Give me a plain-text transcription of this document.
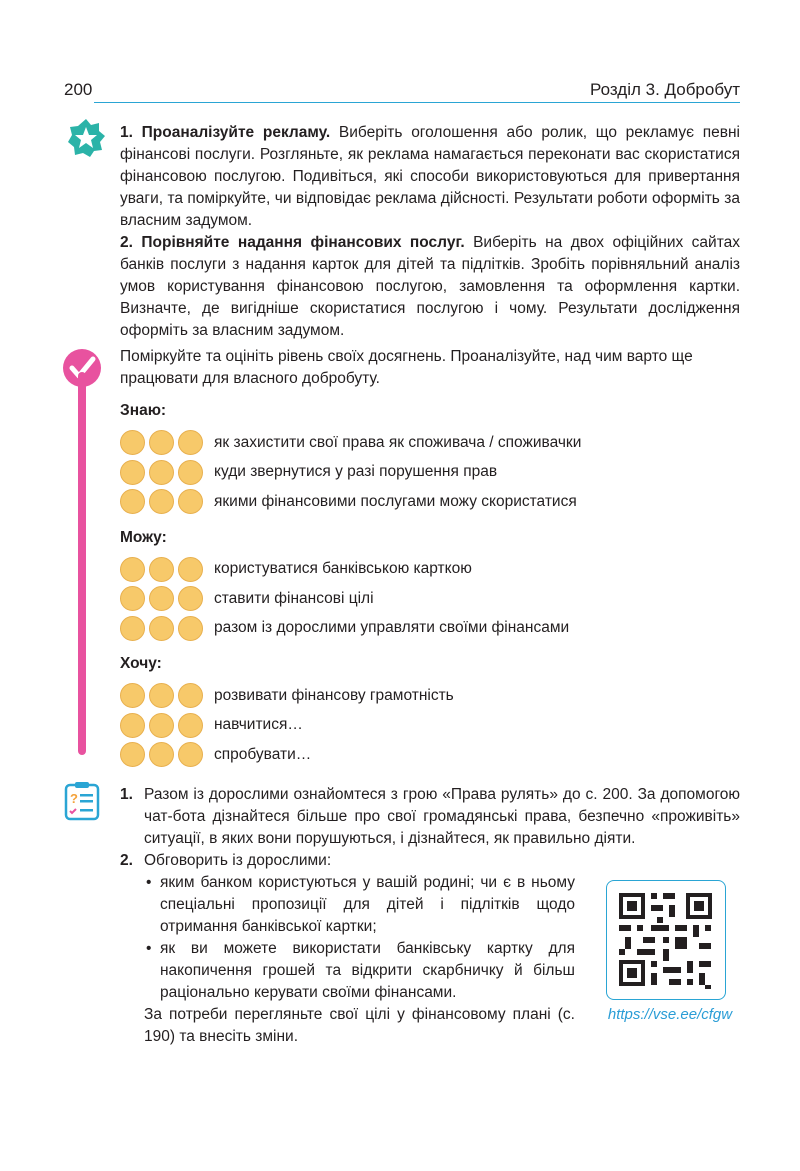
200	Розділ 3. Добробут

1. Проаналізуйте рекламу. Виберіть оголошення або ролик, що рекламує певні фінансові послуги. Розгляньте, як реклама намагається переконати вас скористатися фінансовою послугою. Подивіться, які способи використовуються для привертання уваги, та поміркуйте, чи відповідає реклама дійсності. Результати роботи оформіть за власним задумом.

2. Порівняйте надання фінансових послуг. Виберіть на двох офіційних сайтах банків послуги з надання карток для дітей та підлітків. Зробіть порівняльний аналіз умов користування фінансовою послугою, замовлення та оформлення картки. Визначте, де вигідніше скористатися послугою і чому. Результати дослідження оформіть за власним задумом.

Поміркуйте та оцініть рівень своїх досягнень. Проаналізуйте, над чим варто ще працювати для власного добробуту.

Знаю:
як захистити свої права як споживача / споживачки
куди звернутися у разі порушення прав
якими фінансовими послугами можу скористатися
Можу:
користуватися банківською карткою
ставити фінансові цілі
разом із дорослими управляти своїми фінансами
Хочу:
розвивати фінансову грамотність
навчитися…
спробувати…
?	1. Разом із дорослими ознайомтеся з грою «Права рулять» до с. 200. За допомогою чат-бота дізнайтеся більше про свої громадянські права, безпечно «проживіть» ситуації, в яких вони порушуються, і дізнайтеся, як правильно діяти.
2. Обговорить із дорослими:
• яким банком користуються у вашій родині; чи є в ньому спеціальні пропозиції для дітей і підлітків щодо отримання банківської картки;
• як ви можете використати банківську картку для накопичення грошей та відкрити скарбничку й більш раціонально керувати своїми фінансами.
За потреби перегляньте свої цілі у фінансовому плані (с. 190) та внесіть зміни.
https://vse.ee/cfgw
